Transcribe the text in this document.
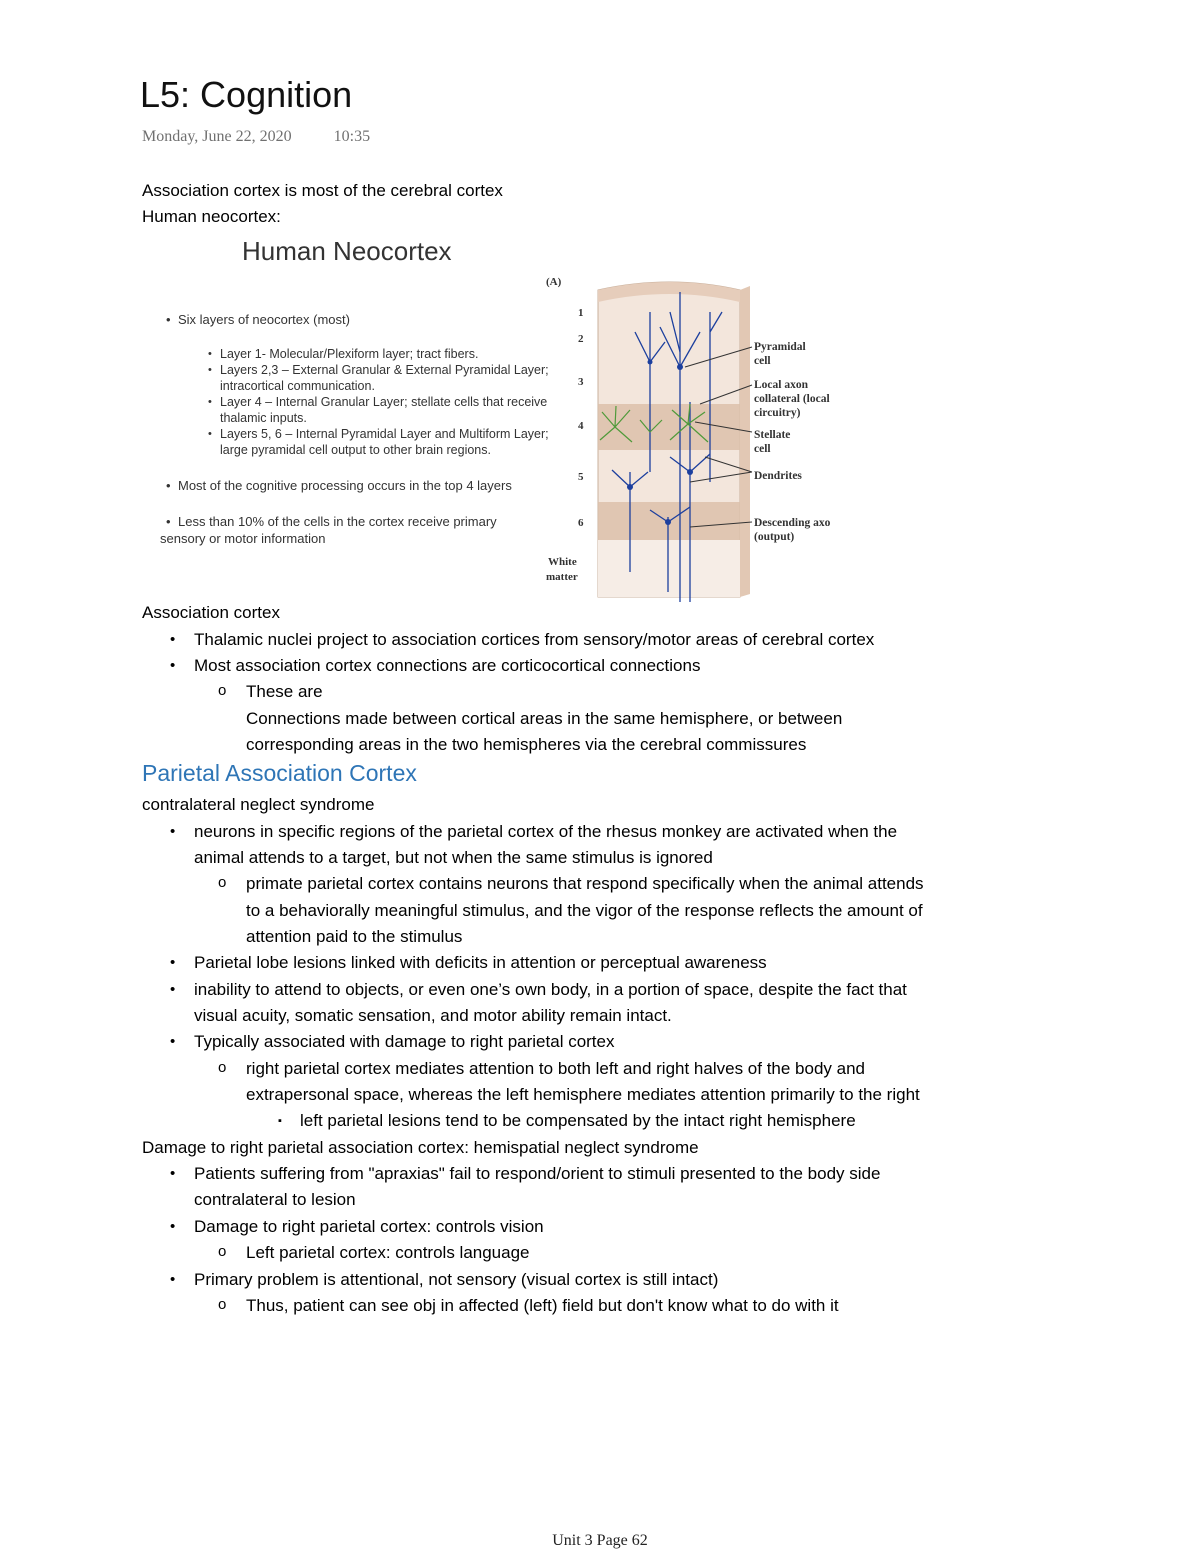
L5: Cognition
Monday, June 22, 2020	10:35
Association cortex is most of the cerebral cortex
Human neocortex:
Human Neocortex
• Six layers of neocortex (most)
• Layer 1- Molecular/Plexiform layer; tract fibers.
• Layers 2,3 – External Granular & External Pyramidal Layer;
intracortical communication.
• Layer 4 – Internal Granular Layer; stellate cells that receive
thalamic inputs.
• Layers 5, 6 – Internal Pyramidal Layer and Multiform Layer;
large pyramidal cell output to other brain regions.
• Most of the cognitive processing occurs in the top 4 layers
• Less than 10% of the cells in the cortex receive primary
sensory or motor information
(A)
1
2
3
4
5
6
White
matter
Pyramidal
cell
Local axon
collateral (local
circuitry)
Stellate
cell
Dendrites
Descending axo
(output)
Association cortex
• Thalamic nuclei project to association cortices from sensory/motor areas of cerebral cortex
• Most association cortex connections are corticocortical connections
o These are
Connections made between cortical areas in the same hemisphere, or between
corresponding areas in the two hemispheres via the cerebral commissures
Parietal Association Cortex
contralateral neglect syndrome
• neurons in specific regions of the parietal cortex of the rhesus monkey are activated when the
animal attends to a target, but not when the same stimulus is ignored
o primate parietal cortex contains neurons that respond specifically when the animal attends
to a behaviorally meaningful stimulus, and the vigor of the response reflects the amount of
attention paid to the stimulus
• Parietal lobe lesions linked with deficits in attention or perceptual awareness
• inability to attend to objects, or even one’s own body, in a portion of space, despite the fact that
visual acuity, somatic sensation, and motor ability remain intact.
• Typically associated with damage to right parietal cortex
o right parietal cortex mediates attention to both left and right halves of the body and
extrapersonal space, whereas the left hemisphere mediates attention primarily to the right
▪ left parietal lesions tend to be compensated by the intact right hemisphere
Damage to right parietal association cortex: hemispatial neglect syndrome
• Patients suffering from "apraxias" fail to respond/orient to stimuli presented to the body side
contralateral to lesion
• Damage to right parietal cortex: controls vision
o Left parietal cortex: controls language
• Primary problem is attentional, not sensory (visual cortex is still intact)
o Thus, patient can see obj in affected (left) field but don't know what to do with it
Unit 3 Page 62
